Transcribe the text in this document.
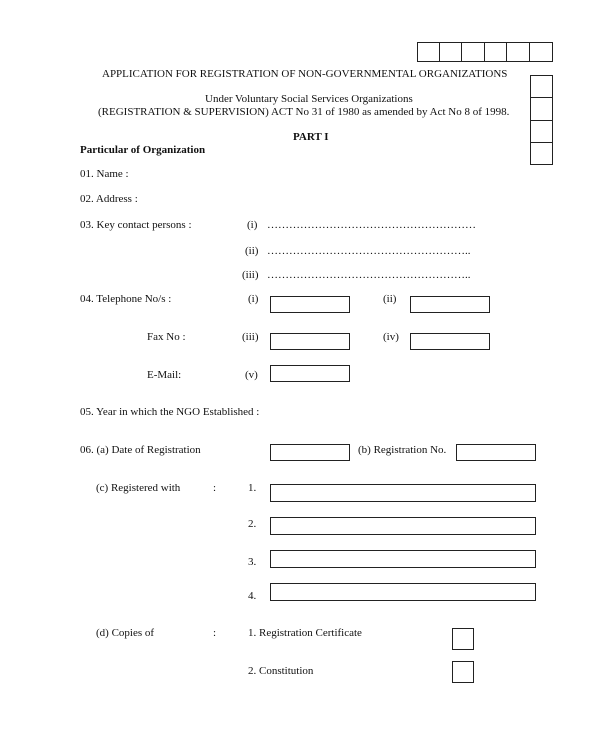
APPLICATION FOR REGISTRATION OF NON-GOVERNMENTAL ORGANIZATIONS
Under Voluntary Social Services Organizations
(REGISTRATION & SUPERVISION) ACT No 31 of 1980 as amended by Act No 8 of 1998.
PART I
Particular of Organization
01. Name :
02. Address :
03. Key contact persons :	(i) …………………………………………………
(ii) ………………………………………………..
(iii) ………………………………………………..
04. Telephone No/s :	(i)	(ii)
Fax No :	(iii)	(iv)
E-Mail:	(v)
05. Year in which the NGO Established :
06. (a) Date of Registration	(b) Registration No.
(c) Registered with	:	1.
2.
3.
4.
(d) Copies of	:	1. Registration Certificate
2. Constitution
